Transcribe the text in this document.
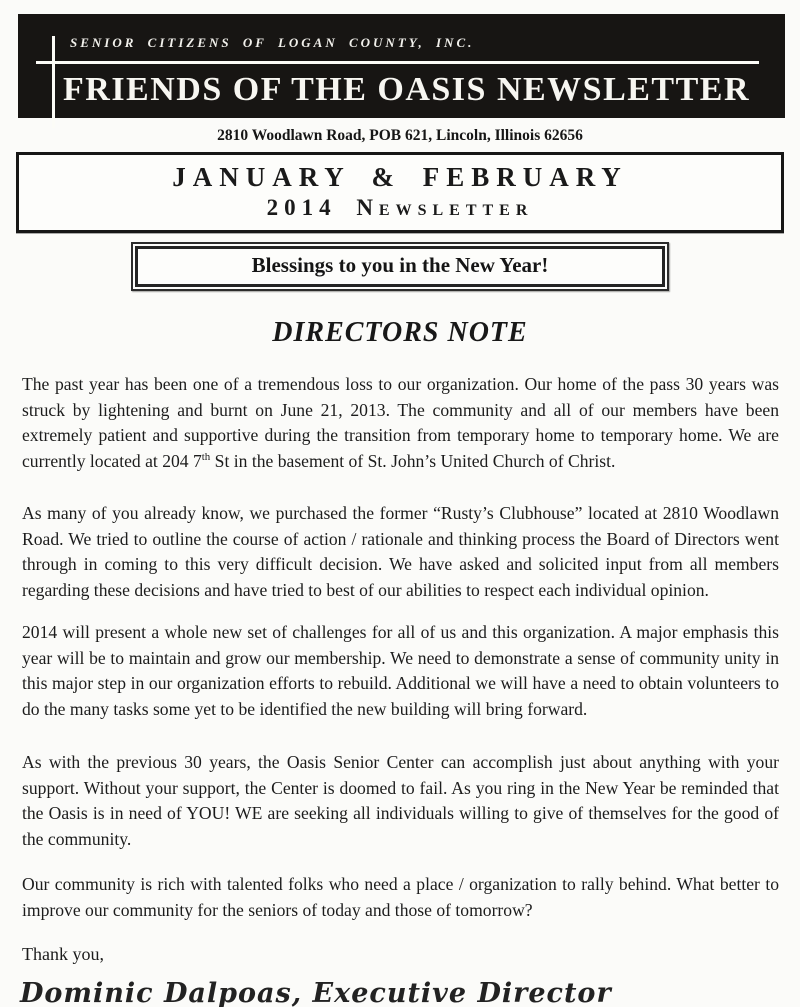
SENIOR CITIZENS OF LOGAN COUNTY, INC.
FRIENDS OF THE OASIS NEWSLETTER
2810 Woodlawn Road, POB 621, Lincoln, Illinois 62656
JANUARY & FEBRUARY
2014 Newsletter
Blessings to you in the New Year!
DIRECTORS NOTE

The past year has been one of a tremendous loss to our organization. Our home of the pass 30 years was struck by lightening and burnt on June 21, 2013. The community and all of our members have been extremely patient and supportive during the transition from temporary home to temporary home. We are currently located at 204 7th St in the basement of St. John’s United Church of Christ.

As many of you already know, we purchased the former “Rusty’s Clubhouse” located at 2810 Woodlawn Road. We tried to outline the course of action / rationale and thinking process the Board of Directors went through in coming to this very difficult decision. We have asked and solicited input from all members regarding these decisions and have tried to best of our abilities to respect each individual opinion.

2014 will present a whole new set of challenges for all of us and this organization. A major emphasis this year will be to maintain and grow our membership. We need to demonstrate a sense of community unity in this major step in our organization efforts to rebuild. Additional we will have a need to obtain volunteers to do the many tasks some yet to be identified the new building will bring forward.

As with the previous 30 years, the Oasis Senior Center can accomplish just about anything with your support. Without your support, the Center is doomed to fail. As you ring in the New Year be reminded that the Oasis is in need of YOU! WE are seeking all individuals willing to give of themselves for the good of the community.

Our community is rich with talented folks who need a place / organization to rally behind. What better to improve our community for the seniors of today and those of tomorrow?

Thank you,
Dominic Dalpoas, Executive Director
